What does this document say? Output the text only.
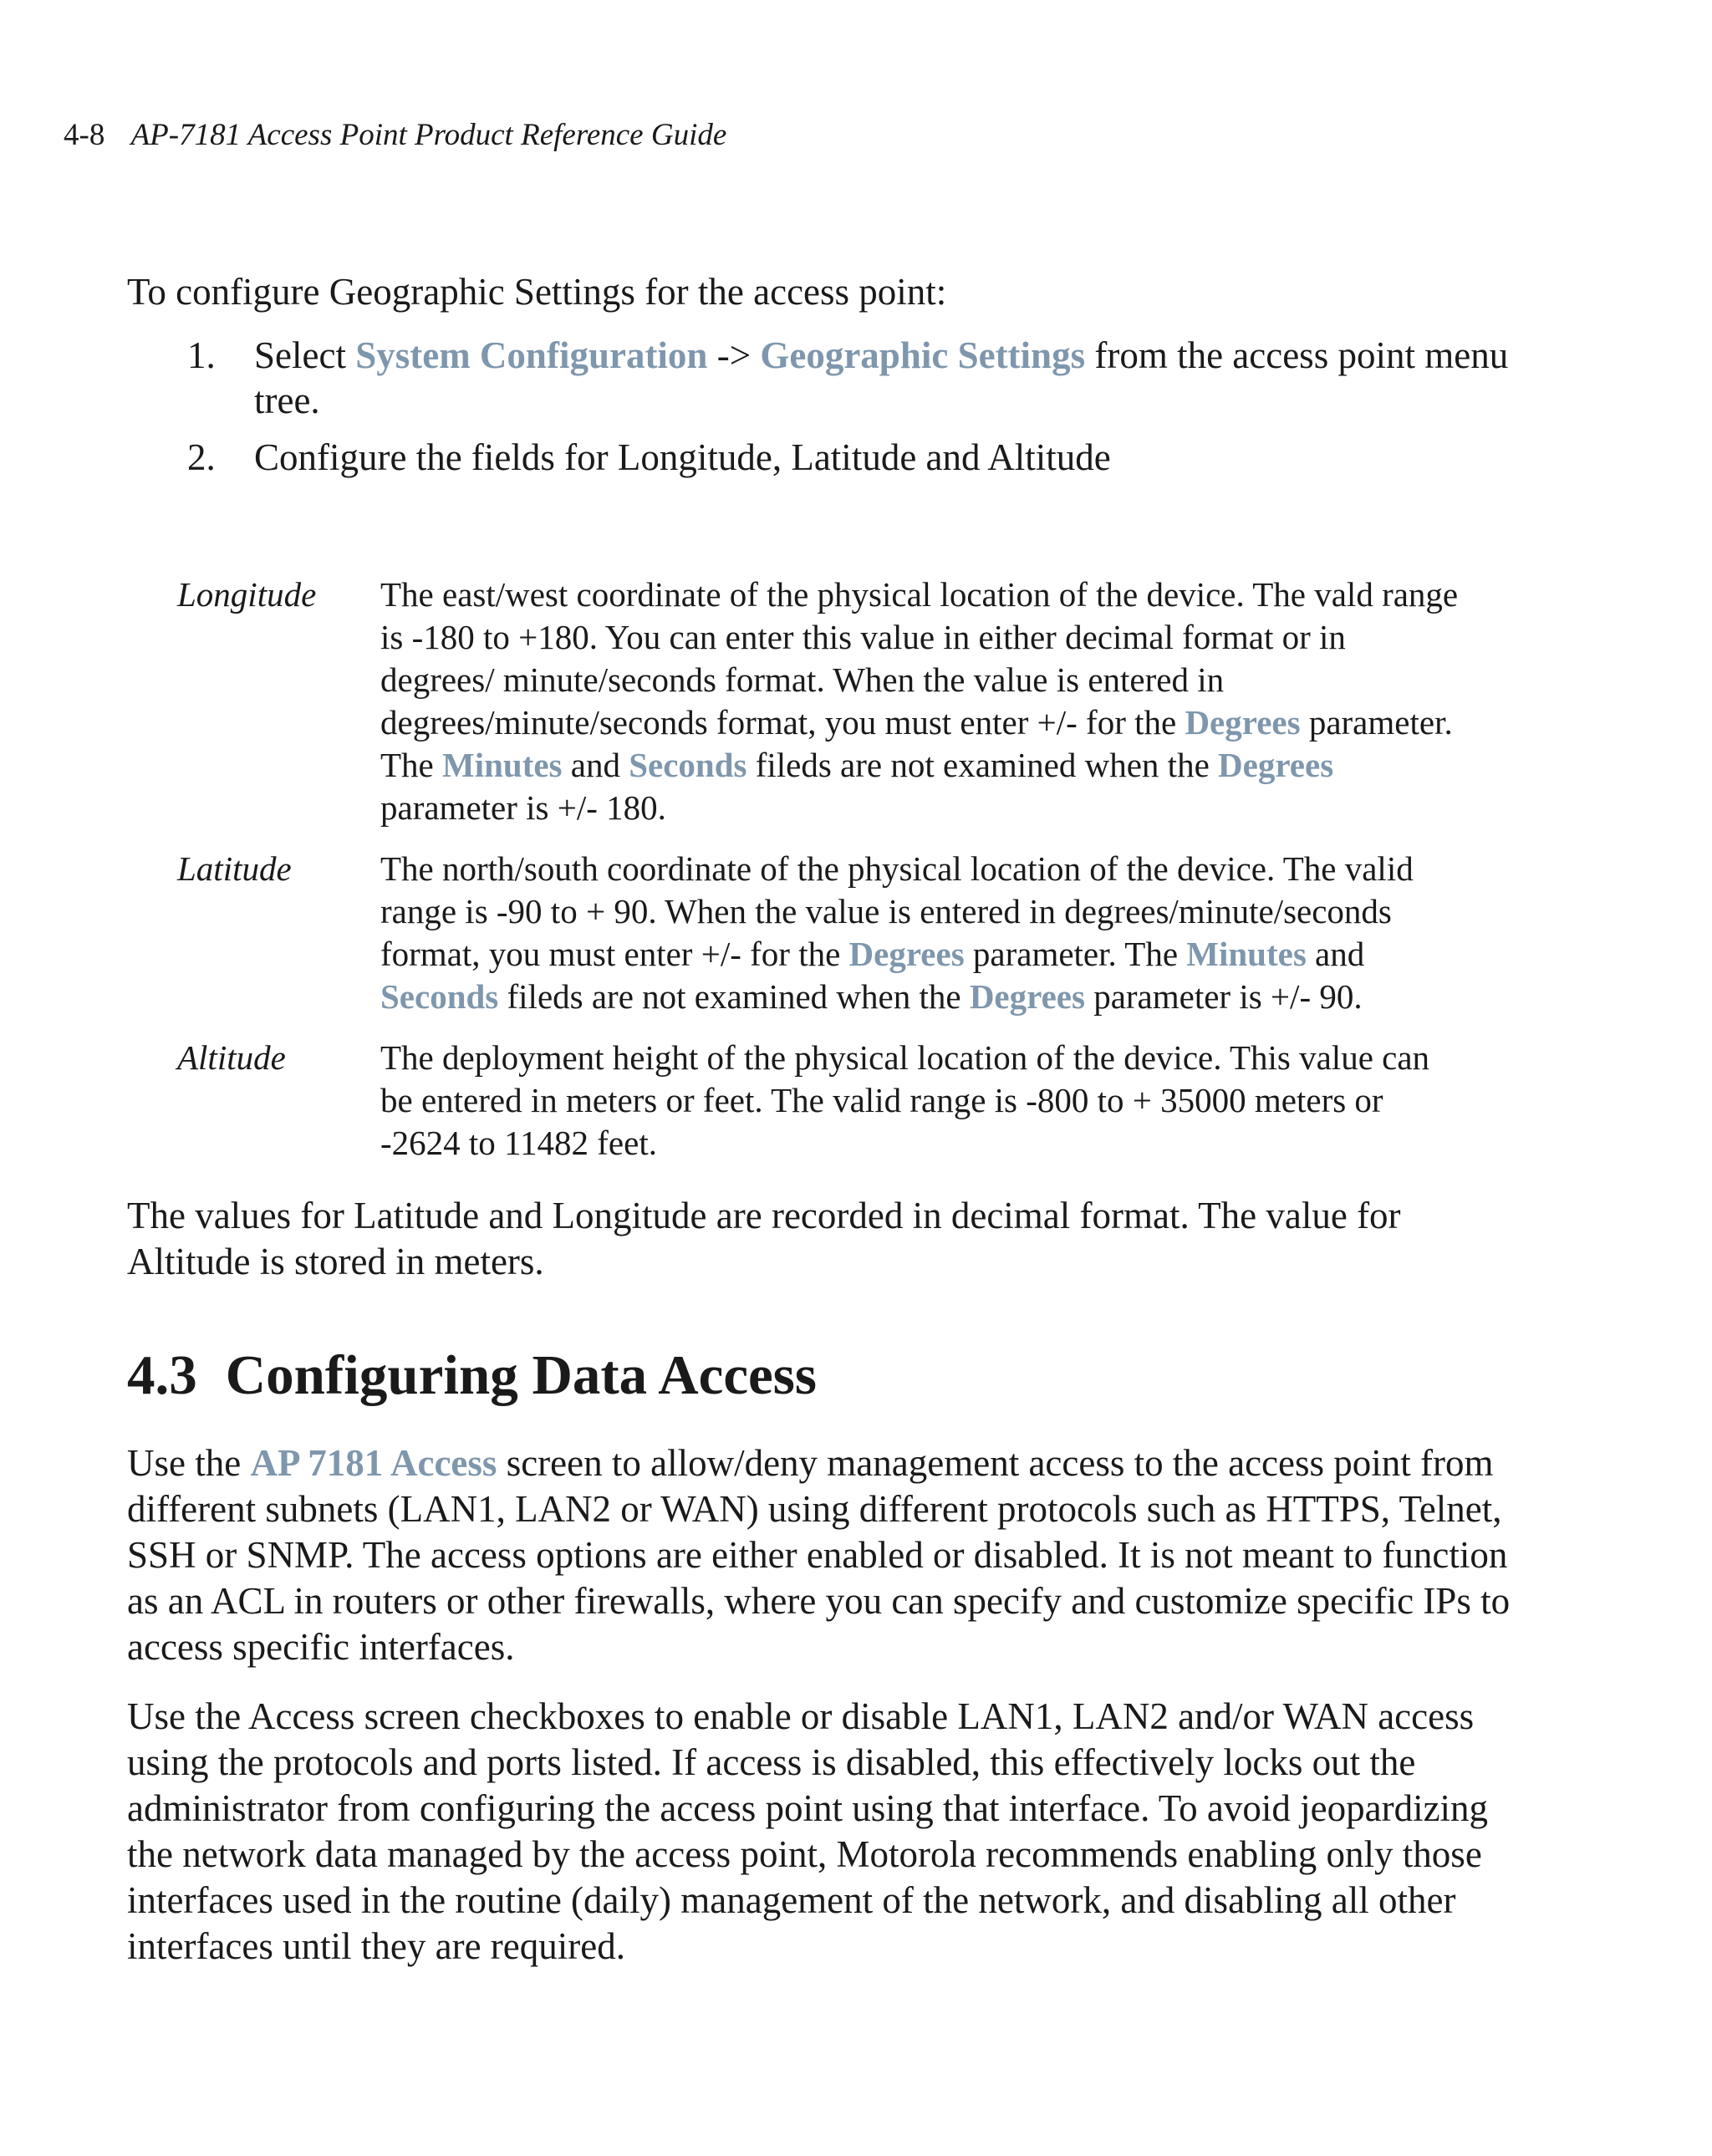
4-8 AP-7181 Access Point Product Reference Guide

To configure Geographic Settings for the access point:

1. Select System Configuration -> Geographic Settings from the access point menu tree.
2. Configure the fields for Longitude, Latitude and Altitude
Longitude	The east/west coordinate of the physical location of the device. The vald range is -180 to +180. You can enter this value in either decimal format or in degrees/ minute/seconds format. When the value is entered in degrees/minute/seconds format, you must enter +/- for the Degrees parameter. The Minutes and Seconds fileds are not examined when the Degrees parameter is +/- 180.
Latitude	The north/south coordinate of the physical location of the device. The valid range is -90 to + 90. When the value is entered in degrees/minute/seconds format, you must enter +/- for the Degrees parameter. The Minutes and Seconds fileds are not examined when the Degrees parameter is +/- 90.
Altitude	The deployment height of the physical location of the device. This value can be entered in meters or feet. The valid range is -800 to + 35000 meters or -2624 to 11482 feet.

The values for Latitude and Longitude are recorded in decimal format. The value for Altitude is stored in meters.

4.3 Configuring Data Access

Use the AP 7181 Access screen to allow/deny management access to the access point from different subnets (LAN1, LAN2 or WAN) using different protocols such as HTTPS, Telnet, SSH or SNMP. The access options are either enabled or disabled. It is not meant to function as an ACL in routers or other firewalls, where you can specify and customize specific IPs to access specific interfaces.

Use the Access screen checkboxes to enable or disable LAN1, LAN2 and/or WAN access using the protocols and ports listed. If access is disabled, this effectively locks out the administrator from configuring the access point using that interface. To avoid jeopardizing the network data managed by the access point, Motorola recommends enabling only those interfaces used in the routine (daily) management of the network, and disabling all other interfaces until they are required.
